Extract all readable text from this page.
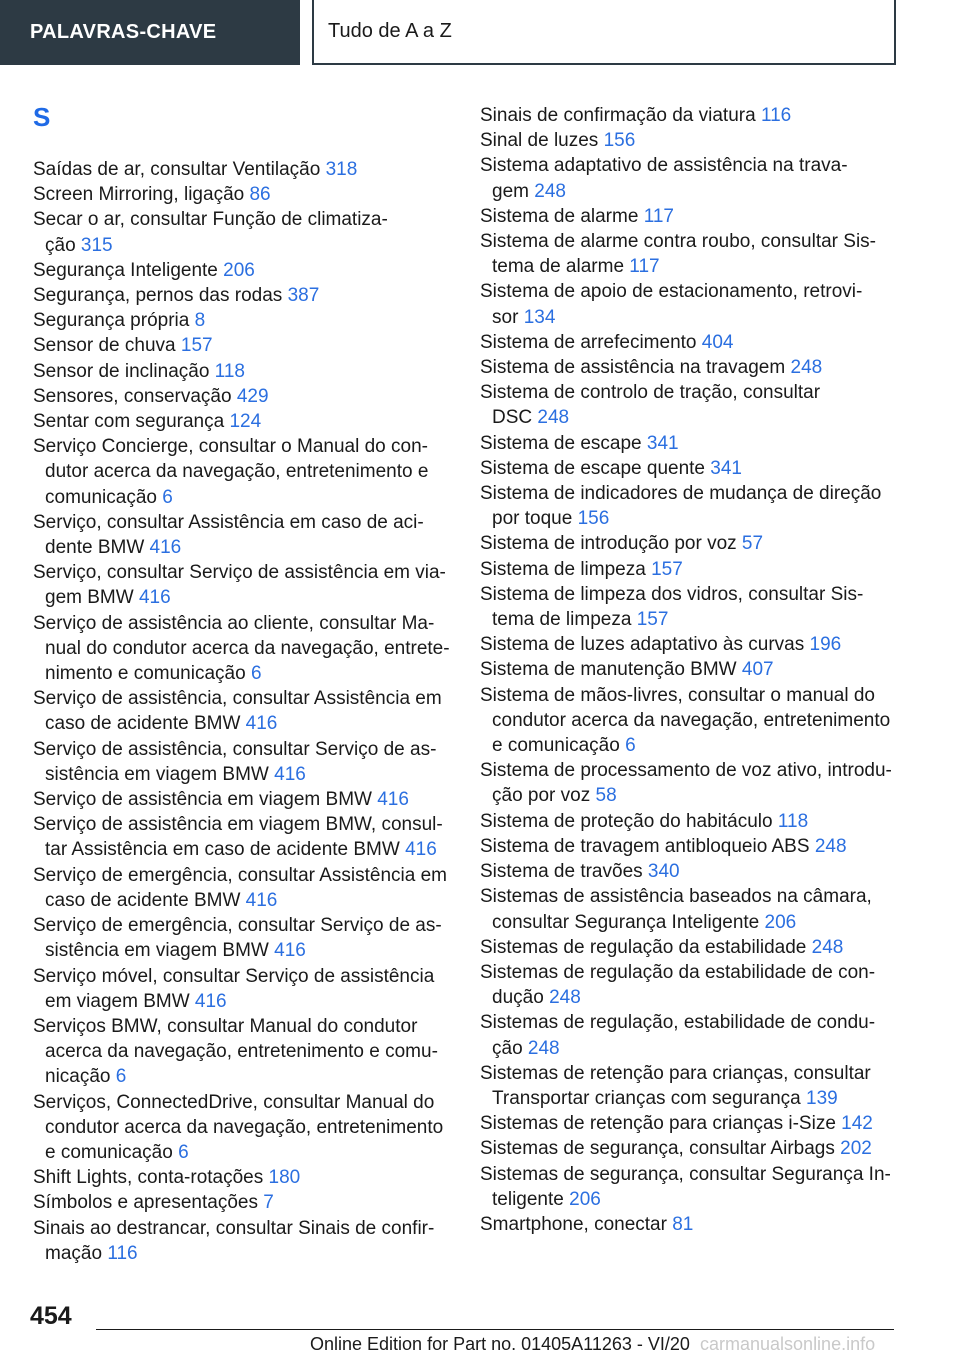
PALAVRAS-CHAVE	Tudo de A a Z
S
Saídas de ar, consultar Ventilação 318
Screen Mirroring, ligação 86
Secar o ar, consultar Função de climatiza-
ção 315
Segurança Inteligente 206
Segurança, pernos das rodas 387
Segurança própria 8
Sensor de chuva 157
Sensor de inclinação 118
Sensores, conservação 429
Sentar com segurança 124
Serviço Concierge, consultar o Manual do con-
dutor acerca da navegação, entretenimento e
comunicação 6
Serviço, consultar Assistência em caso de aci-
dente BMW 416
Serviço, consultar Serviço de assistência em via-
gem BMW 416
Serviço de assistência ao cliente, consultar Ma-
nual do condutor acerca da navegação, entrete-
nimento e comunicação 6
Serviço de assistência, consultar Assistência em
caso de acidente BMW 416
Serviço de assistência, consultar Serviço de as-
sistência em viagem BMW 416
Serviço de assistência em viagem BMW 416
Serviço de assistência em viagem BMW, consul-
tar Assistência em caso de acidente BMW 416
Serviço de emergência, consultar Assistência em
caso de acidente BMW 416
Serviço de emergência, consultar Serviço de as-
sistência em viagem BMW 416
Serviço móvel, consultar Serviço de assistência
em viagem BMW 416
Serviços BMW, consultar Manual do condutor
acerca da navegação, entretenimento e comu-
nicação 6
Serviços, ConnectedDrive, consultar Manual do
condutor acerca da navegação, entretenimento
e comunicação 6
Shift Lights, conta-rotações 180
Símbolos e apresentações 7
Sinais ao destrancar, consultar Sinais de confir-
mação 116
Sinais de confirmação da viatura 116
Sinal de luzes 156
Sistema adaptativo de assistência na trava-
gem 248
Sistema de alarme 117
Sistema de alarme contra roubo, consultar Sis-
tema de alarme 117
Sistema de apoio de estacionamento, retrovi-
sor 134
Sistema de arrefecimento 404
Sistema de assistência na travagem 248
Sistema de controlo de tração, consultar
DSC 248
Sistema de escape 341
Sistema de escape quente 341
Sistema de indicadores de mudança de direção
por toque 156
Sistema de introdução por voz 57
Sistema de limpeza 157
Sistema de limpeza dos vidros, consultar Sis-
tema de limpeza 157
Sistema de luzes adaptativo às curvas 196
Sistema de manutenção BMW 407
Sistema de mãos-livres, consultar o manual do
condutor acerca da navegação, entretenimento
e comunicação 6
Sistema de processamento de voz ativo, introdu-
ção por voz 58
Sistema de proteção do habitáculo 118
Sistema de travagem antibloqueio ABS 248
Sistema de travões 340
Sistemas de assistência baseados na câmara,
consultar Segurança Inteligente 206
Sistemas de regulação da estabilidade 248
Sistemas de regulação da estabilidade de con-
dução 248
Sistemas de regulação, estabilidade de condu-
ção 248
Sistemas de retenção para crianças, consultar
Transportar crianças com segurança 139
Sistemas de retenção para crianças i-Size 142
Sistemas de segurança, consultar Airbags 202
Sistemas de segurança, consultar Segurança In-
teligente 206
Smartphone, conectar 81
454
Online Edition for Part no. 01405A11263 - VI/20 carmanualsonline.info
